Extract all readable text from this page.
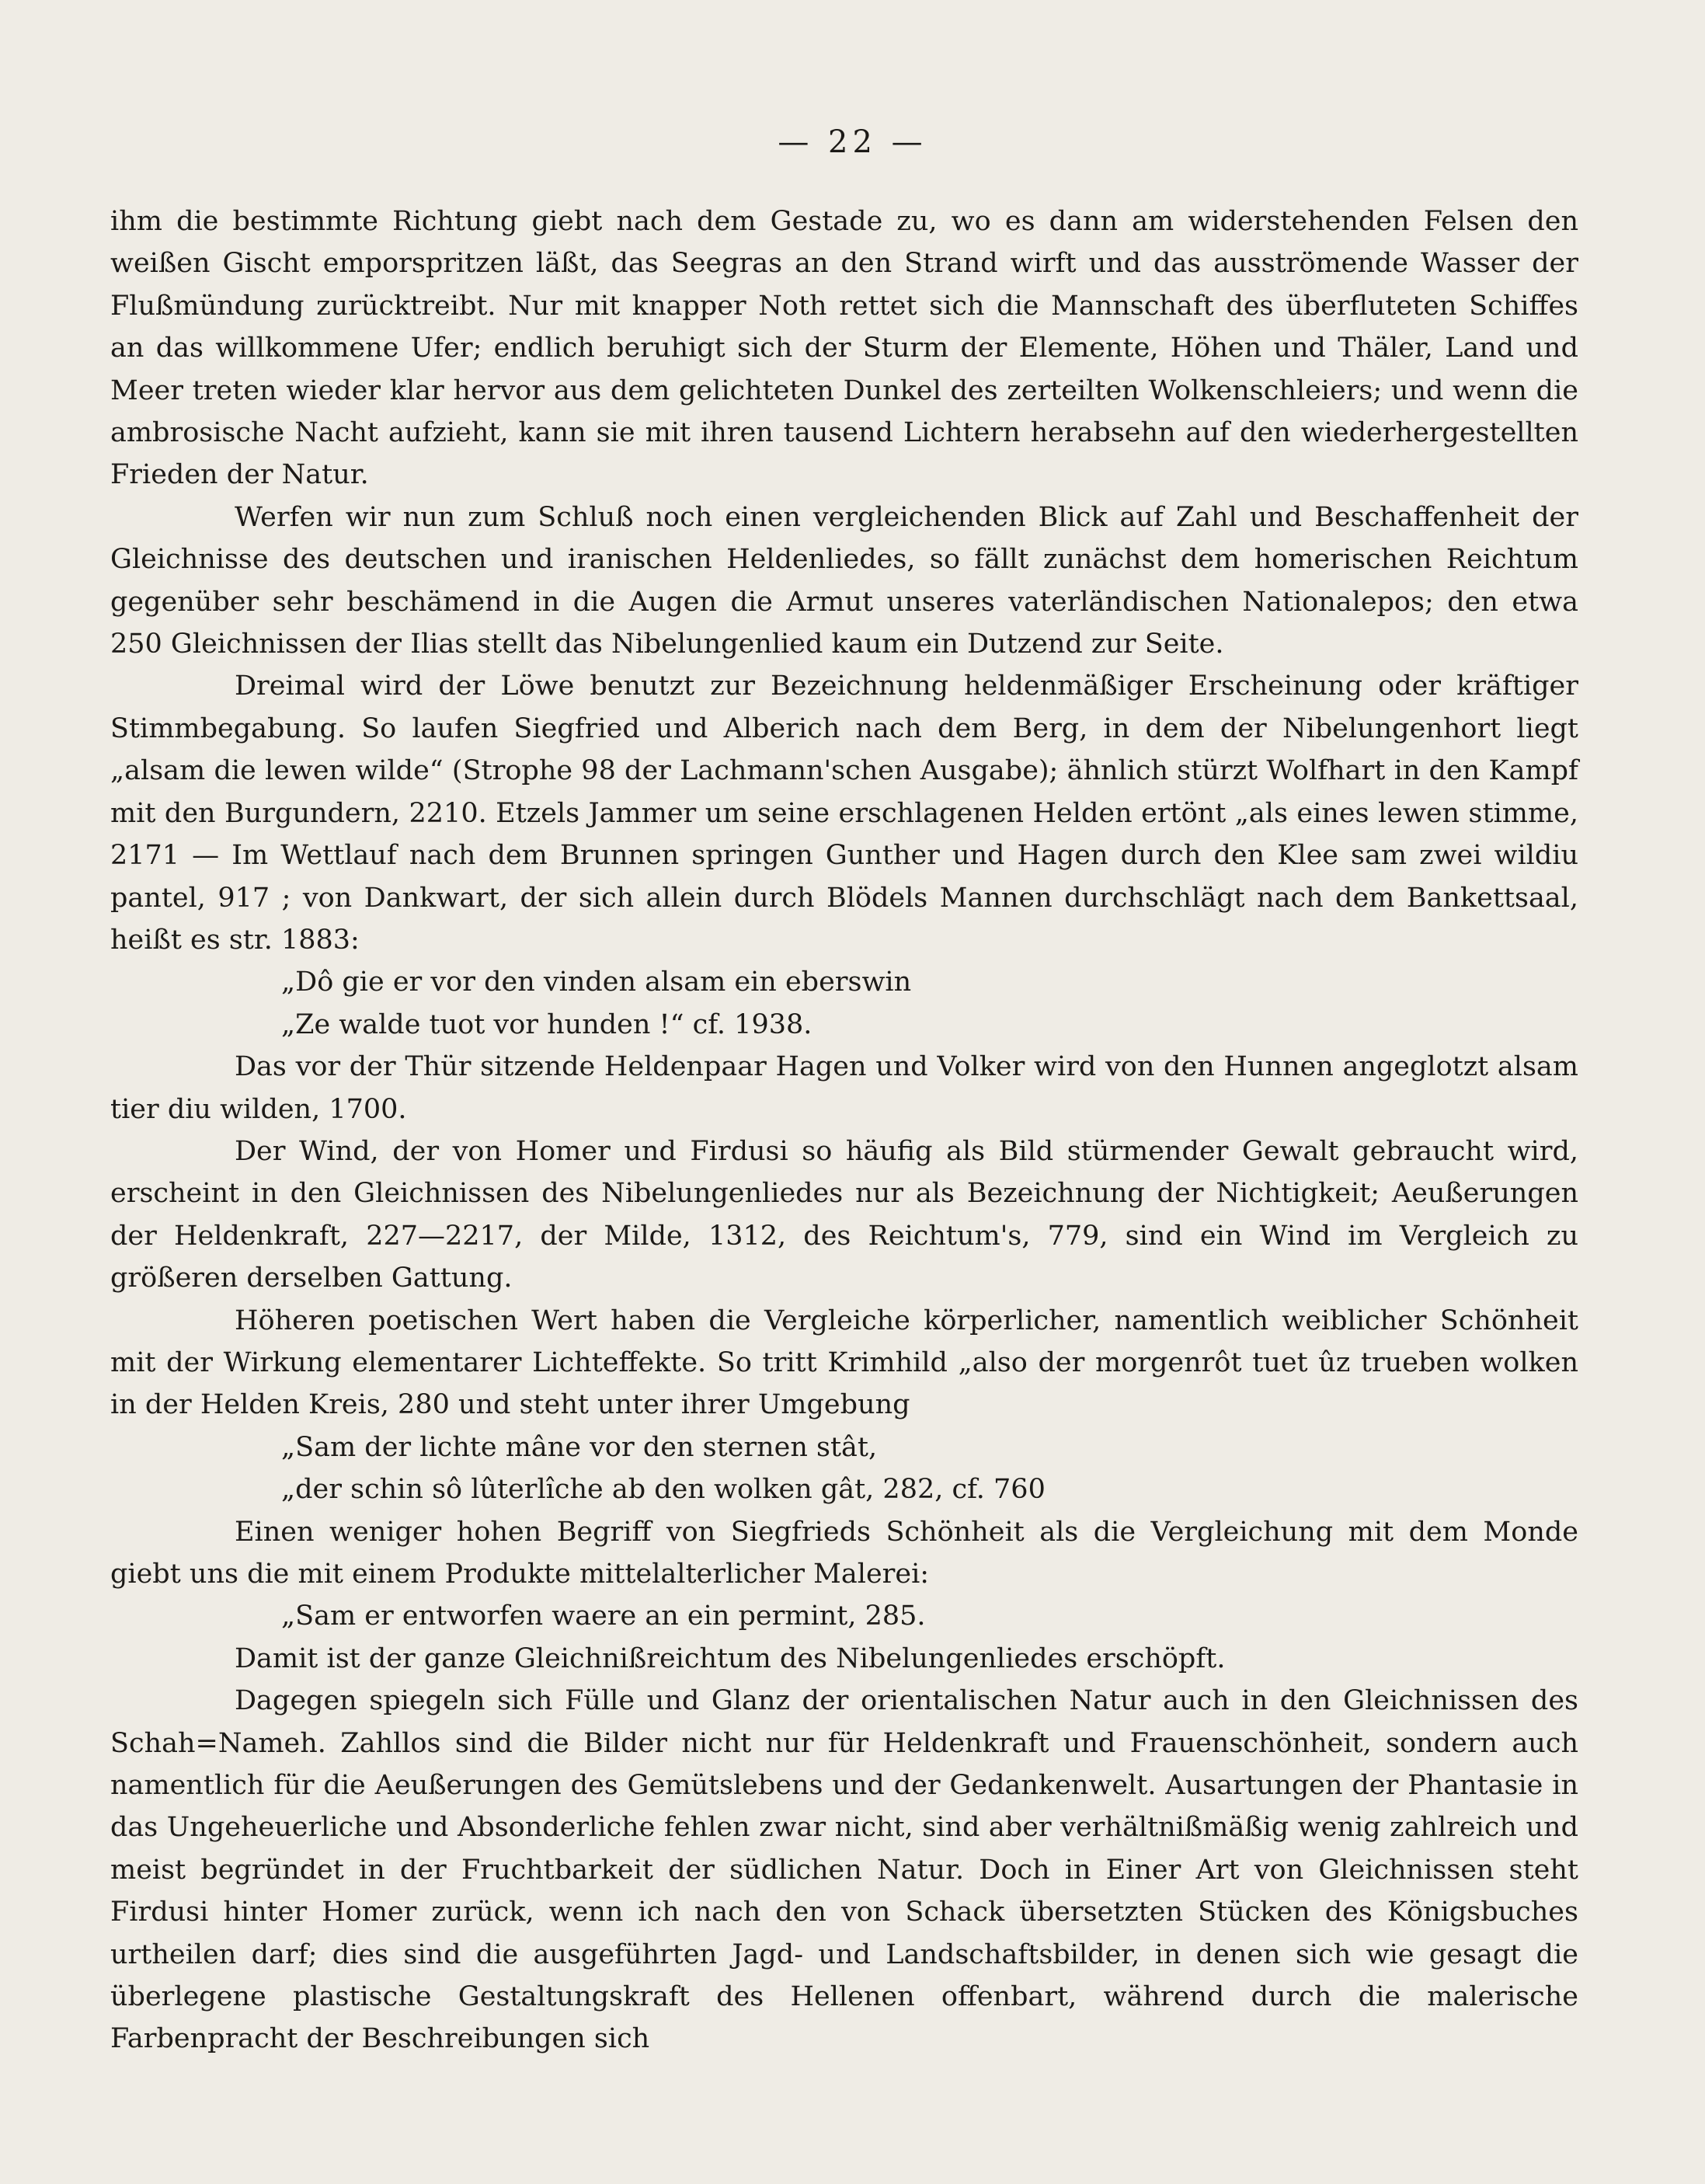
— 22 —

ihm die bestimmte Richtung giebt nach dem Gestade zu, wo es dann am widerstehenden Felsen den weißen Gischt emporspritzen läßt, das Seegras an den Strand wirft und das ausströmende Wasser der Flußmündung zurücktreibt. Nur mit knapper Noth rettet sich die Mannschaft des überfluteten Schiffes an das willkommene Ufer; endlich beruhigt sich der Sturm der Elemente, Höhen und Thäler, Land und Meer treten wieder klar hervor aus dem gelichteten Dunkel des zerteilten Wolkenschleiers; und wenn die ambrosische Nacht aufzieht, kann sie mit ihren tausend Lichtern herabsehn auf den wiederhergestellten Frieden der Natur.

Werfen wir nun zum Schluß noch einen vergleichenden Blick auf Zahl und Beschaffenheit der Gleichnisse des deutschen und iranischen Heldenliedes, so fällt zunächst dem homerischen Reichtum gegenüber sehr beschämend in die Augen die Armut unseres vaterländischen Nationalepos; den etwa 250 Gleichnissen der Ilias stellt das Nibelungenlied kaum ein Dutzend zur Seite.

Dreimal wird der Löwe benutzt zur Bezeichnung heldenmäßiger Erscheinung oder kräftiger Stimmbegabung. So laufen Siegfried und Alberich nach dem Berg, in dem der Nibelungenhort liegt „alsam die lewen wilde“ (Strophe 98 der Lachmann'schen Ausgabe); ähnlich stürzt Wolfhart in den Kampf mit den Burgundern, 2210. Etzels Jammer um seine erschlagenen Helden ertönt „als eines lewen stimme, 2171 — Im Wettlauf nach dem Brunnen springen Gunther und Hagen durch den Klee sam zwei wildiu pantel, 917 ; von Dankwart, der sich allein durch Blödels Mannen durchschlägt nach dem Bankettsaal, heißt es str. 1883:

„Dô gie er vor den vinden alsam ein eberswin

„Ze walde tuot vor hunden !“ cf. 1938.

Das vor der Thür sitzende Heldenpaar Hagen und Volker wird von den Hunnen angeglotzt alsam tier diu wilden, 1700.

Der Wind, der von Homer und Firdusi so häufig als Bild stürmender Gewalt gebraucht wird, erscheint in den Gleichnissen des Nibelungenliedes nur als Bezeichnung der Nichtigkeit; Aeußerungen der Heldenkraft, 227—2217, der Milde, 1312, des Reichtum's, 779, sind ein Wind im Vergleich zu größeren derselben Gattung.

Höheren poetischen Wert haben die Vergleiche körperlicher, namentlich weiblicher Schönheit mit der Wirkung elementarer Lichteffekte. So tritt Krimhild „also der morgenrôt tuet ûz trueben wolken in der Helden Kreis, 280 und steht unter ihrer Umgebung

„Sam der lichte mâne vor den sternen stât,

„der schin sô lûterlîche ab den wolken gât, 282, cf. 760

Einen weniger hohen Begriff von Siegfrieds Schönheit als die Vergleichung mit dem Monde giebt uns die mit einem Produkte mittelalterlicher Malerei:

„Sam er entworfen waere an ein permint, 285.

Damit ist der ganze Gleichnißreichtum des Nibelungenliedes erschöpft.

Dagegen spiegeln sich Fülle und Glanz der orientalischen Natur auch in den Gleichnissen des Schah=Nameh. Zahllos sind die Bilder nicht nur für Heldenkraft und Frauenschönheit, sondern auch namentlich für die Aeußerungen des Gemütslebens und der Gedankenwelt. Ausartungen der Phantasie in das Ungeheuerliche und Absonderliche fehlen zwar nicht, sind aber verhältnißmäßig wenig zahlreich und meist begründet in der Fruchtbarkeit der südlichen Natur. Doch in Einer Art von Gleichnissen steht Firdusi hinter Homer zurück, wenn ich nach den von Schack übersetzten Stücken des Königsbuches urtheilen darf; dies sind die ausgeführten Jagd- und Landschaftsbilder, in denen sich wie gesagt die überlegene plastische Gestaltungskraft des Hellenen offenbart, während durch die malerische Farbenpracht der Beschreibungen sich
